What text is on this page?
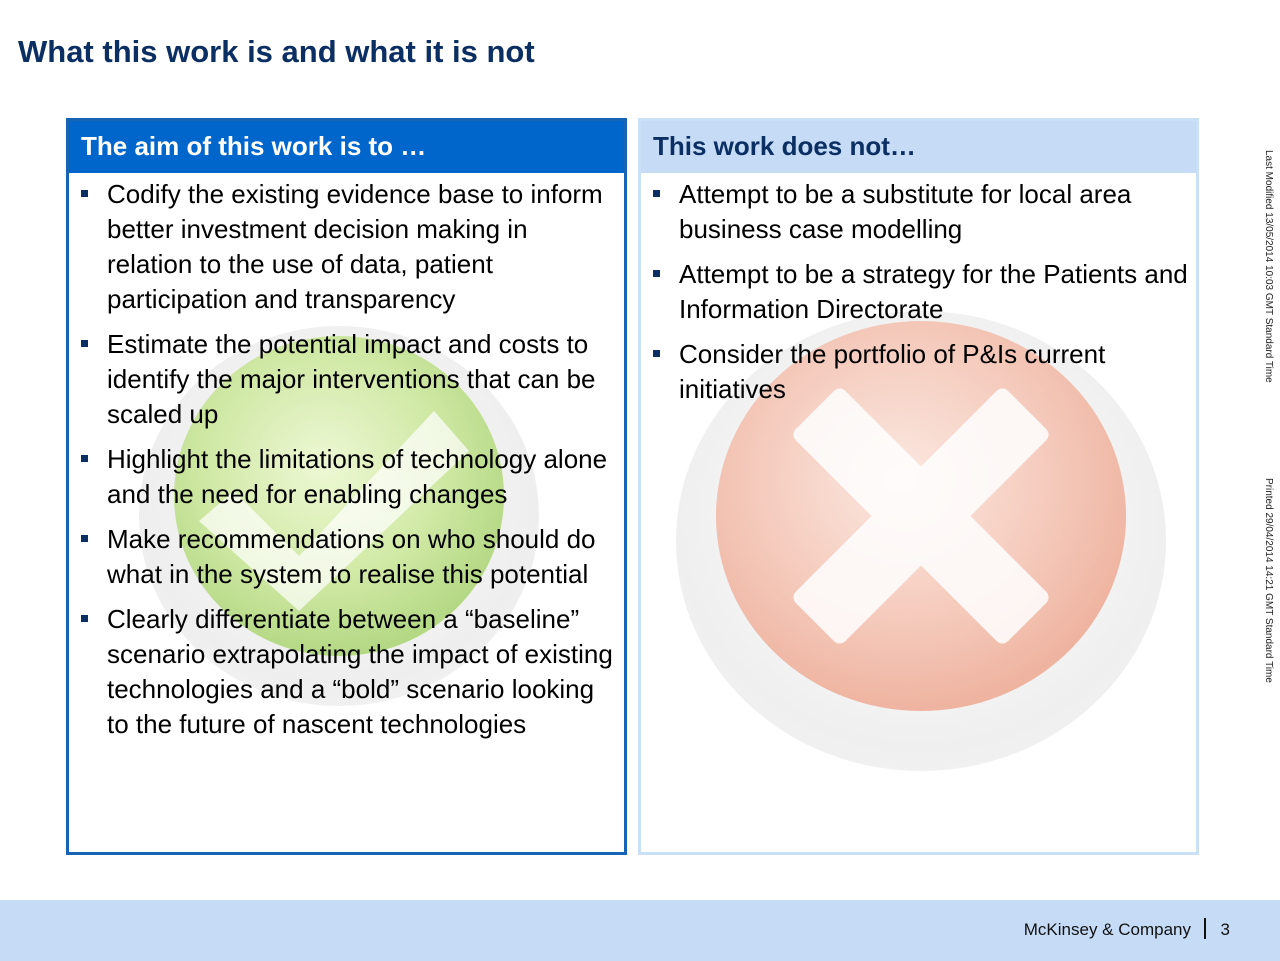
What this work is and what it is not
The aim of this work is to …
Codify the existing evidence base to inform better investment decision making in relation to the use of data, patient participation and transparency
Estimate the potential impact and costs to identify the major interventions that can be scaled up
Highlight the limitations of technology alone and the need for enabling changes
Make recommendations on who should do what in the system to realise this potential
Clearly differentiate between a “baseline” scenario extrapolating the impact of existing technologies and a “bold” scenario looking to the future of nascent technologies
This work does not…
Attempt to be a substitute for local area business case modelling
Attempt to be a strategy for the Patients and Information Directorate
Consider the portfolio of P&Is current initiatives
Last Modified 13/05/2014 10:03 GMT Standard Time
Printed 29/04/2014 14:21 GMT Standard Time
McKinsey & Company 3
